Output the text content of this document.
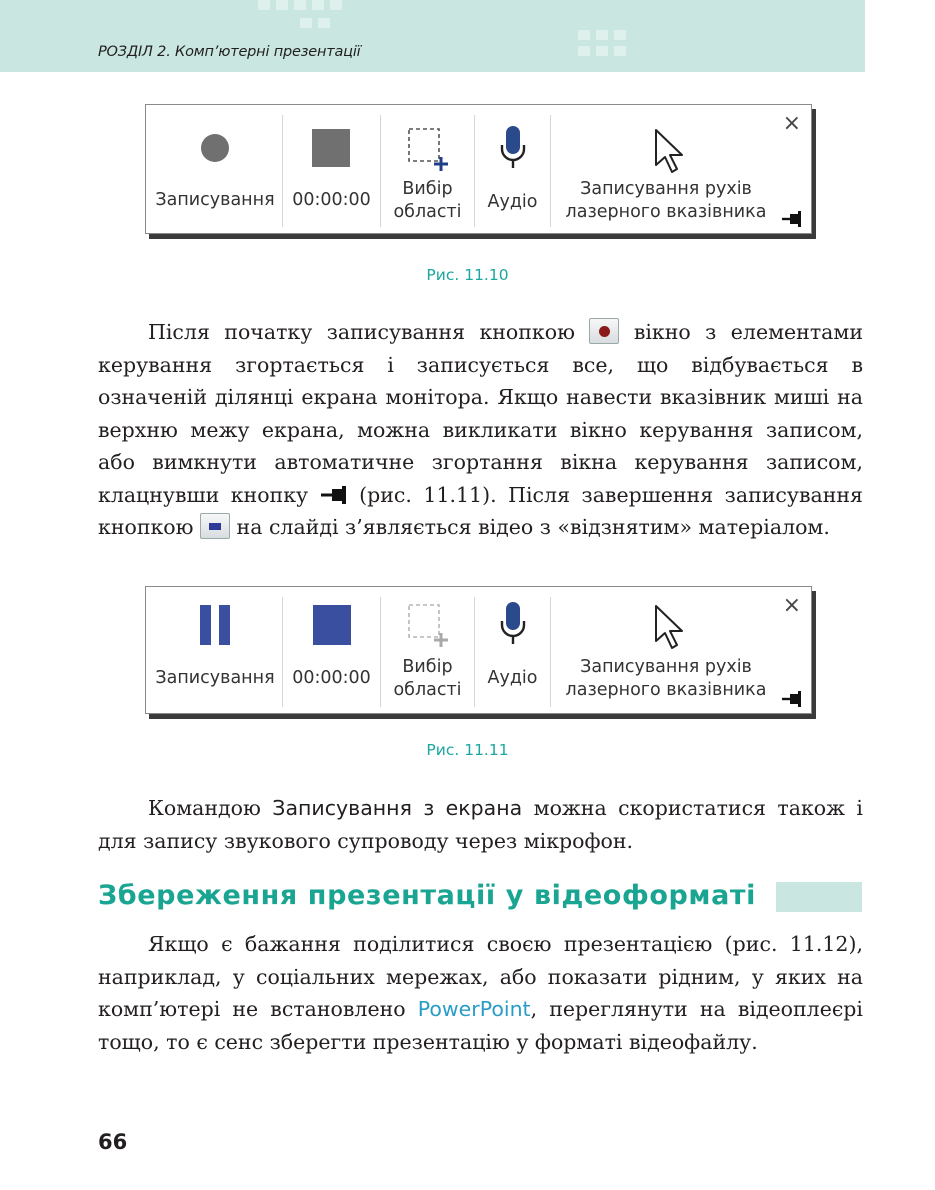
РОЗДІЛ 2. Комп’ютерні презентації
Записування	00:00:00
Вибір
області	Аудіо
Записування рухів
лазерного вказівника
×
Рис. 11.10

Після початку записування кнопкою	вікно з елементами керування згортається і записується все, що відбувається в означеній ділянці екрана монітора. Якщо навести вказівник миші на верхню межу екрана, можна викликати вікно керування записом, або вимкнути автоматичне згортання вікна керування записом, клацнувши кнопку (рис. 11.11). Після завершення записування кнопкою на слайді з’являється відео з «відзнятим» матеріалом.

Записування	00:00:00
Вибір
області
Аудіо
Записування рухів
лазерного вказівника
×
Рис. 11.11

Командою Записування з екрана можна скористатися також і для запису звукового супроводу через мікрофон.

Збереження презентації у відеоформаті

Якщо є бажання поділитися своєю презентацією (рис. 11.12), наприклад, у соціальних мережах, або показати рідним, у яких на комп’ютері не встановлено PowerPoint, переглянути на відеоплеєрі тощо, то є сенс зберегти презентацію у форматі відеофайлу.

66
